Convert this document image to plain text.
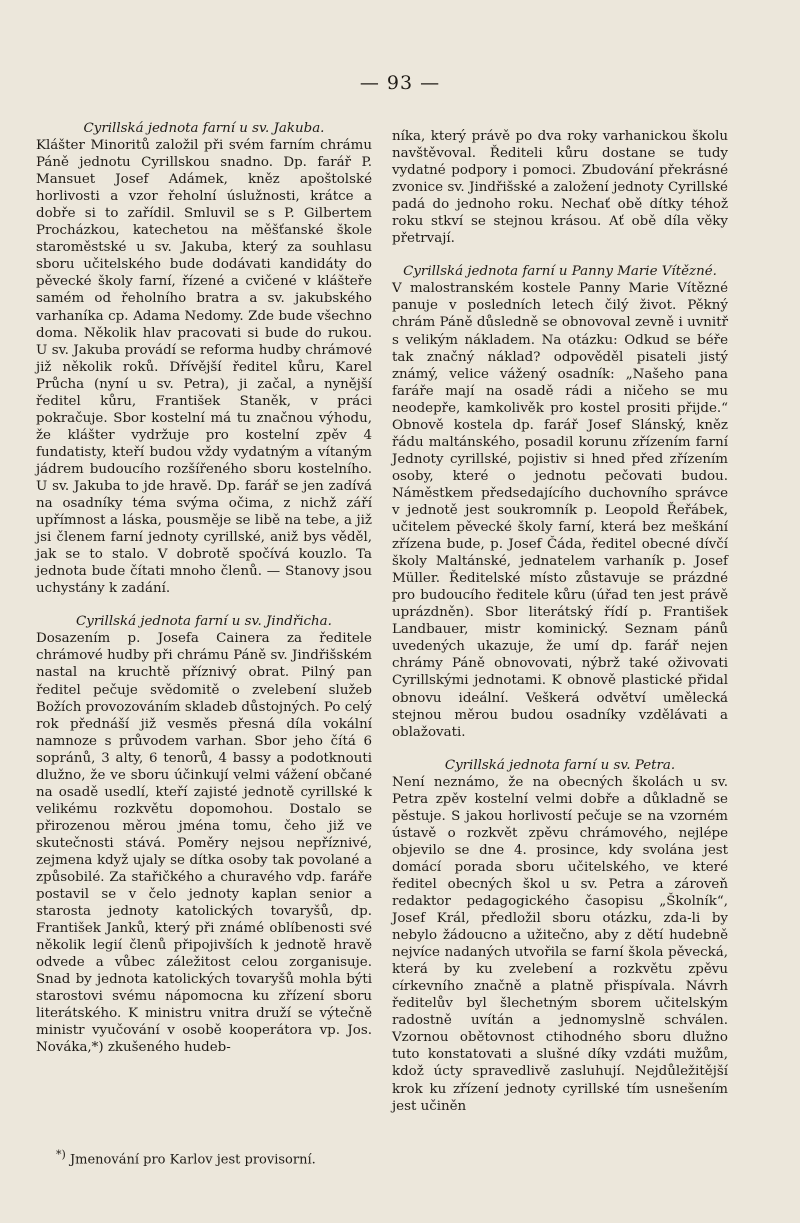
— 93 —

Cyrillská jednota farní u sv. Jakuba.
Klášter Minoritů založil při svém farním chrámu Páně jednotu Cyrillskou snadno. Dp. farář P. Mansuet Josef Adámek, kněz apoštolské horlivosti a vzor řeholní úslužnosti, krátce a dobře si to zařídil. Smluvil se s P. Gilbertem Procházkou, katechetou na měšťanské škole staroměstské u sv. Jakuba, který za souhlasu sboru učitelského bude dodávati kandidáty do pěvecké školy farní, řízené a cvičené v klášteře samém od řeholního bratra a sv. jakubského varhaníka cp. Adama Nedomy. Zde bude všechno doma. Několik hlav pracovati si bude do rukou. U sv. Jakuba provádí se reforma hudby chrámové již několik roků. Dřívější ředitel kůru, Karel Průcha (nyní u sv. Petra), ji začal, a nynější ředitel kůru, František Staněk, v práci pokračuje. Sbor kostelní má tu značnou výhodu, že klášter vydržuje pro kostelní zpěv 4 fundatisty, kteří budou vždy vydatným a vítaným jádrem budoucího rozšířeného sboru kostelního. U sv. Jakuba to jde hravě. Dp. farář se jen zadívá na osadníky téma svýma očima, z nichž září upřímnost a láska, pousměje se libě na tebe, a již jsi členem farní jednoty cyrillské, aniž bys věděl, jak se to stalo. V dobrotě spočívá kouzlo. Ta jednota bude čítati mnoho členů. — Stanovy jsou uchystány k zadání.

Cyrillská jednota farní u sv. Jindřicha.
Dosazením p. Josefa Cainera za ředitele chrámové hudby při chrámu Páně sv. Jindřišském nastal na kruchtě příznivý obrat. Pilný pan ředitel pečuje svědomitě o zvelebení služeb Božích provozováním skladeb důstojných. Po celý rok přednáší již vesměs přesná díla vokální namnoze s průvodem varhan. Sbor jeho čítá 6 sopránů, 3 alty, 6 tenorů, 4 bassy a podotknouti dlužno, že ve sboru účinkují velmi vážení občané na osadě usedlí, kteří zajisté jednotě cyrillské k velikému rozkvětu dopomohou. Dostalo se přirozenou měrou jména tomu, čeho již ve skutečnosti stává. Poměry nejsou nepříznivé, zejmena když ujaly se dítka osoby tak povolané a způsobilé. Za stařičkého a churavého vdp. faráře postavil se v čelo jednoty kaplan senior a starosta jednoty katolických tovaryšů, dp. František Janků, který při známé oblíbenosti své několik legií členů připojivších k jednotě hravě odvede a vůbec záležitost celou zorganisuje. Snad by jednota katolických tovaryšů mohla býti starostovi svému nápomocna ku zřízení sboru literátského. K ministru vnitra druží se výtečně ministr vyučování v osobě kooperátora vp. Jos. Nováka,*) zkušeného hudeb-

níka, který právě po dva roky varhanickou školu navštěvoval. Řediteli kůru dostane se tudy vydatné podpory i pomoci. Zbudování překrásné zvonice sv. Jindřišské a založení jednoty Cyrillské padá do jednoho roku. Nechať obě dítky téhož roku stkví se stejnou krásou. Ať obě díla věky přetrvají.

Cyrillská jednota farní u Panny Marie Vítězné.
V malostranském kostele Panny Marie Vítězné panuje v posledních letech čilý život. Pěkný chrám Páně důsledně se obnovoval zevně i uvnitř s velikým nákladem. Na otázku: Odkud se béře tak značný náklad? odpověděl pisateli jistý známý, velice vážený osadník: „Našeho pana faráře mají na osadě rádi a ničeho se mu neodepře, kamkolivěk pro kostel prositi přijde.“ Obnově kostela dp. farář Josef Slánský, kněz řádu maltánského, posadil korunu zřízením farní Jednoty cyrillské, pojistiv si hned před zřízením osoby, které o jednotu pečovati budou. Náměstkem předsedajícího duchovního správce v jednotě jest soukromník p. Leopold Řeřábek, učitelem pěvecké školy farní, která bez meškání zřízena bude, p. Josef Čáda, ředitel obecné dívčí školy Maltánské, jednatelem varhaník p. Josef Müller. Ředitelské místo zůstavuje se prázdné pro budoucího ředitele kůru (úřad ten jest právě uprázdněn). Sbor literátský řídí p. František Landbauer, mistr kominický. Seznam pánů uvedených ukazuje, že umí dp. farář nejen chrámy Páně obnovovati, nýbrž také oživovati Cyrillskými jednotami. K obnově plastické přidal obnovu ideální. Veškerá odvětví umělecká stejnou měrou budou osadníky vzdělávati a oblažovati.

Cyrillská jednota farní u sv. Petra.
Není neznámo, že na obecných školách u sv. Petra zpěv kostelní velmi dobře a důkladně se pěstuje. S jakou horlivostí pečuje se na vzorném ústavě o rozkvět zpěvu chrámového, nejlépe objevilo se dne 4. prosince, kdy svolána jest domácí porada sboru učitelského, ve které ředitel obecných škol u sv. Petra a zároveň redaktor pedagogického časopisu „Školník“, Josef Král, předložil sboru otázku, zda-li by nebylo žádoucno a užitečno, aby z dětí hudebně nejvíce nadaných utvořila se farní škola pěvecká, která by ku zvelebení a rozkvětu zpěvu církevního značně a platně přispívala. Návrh ředitelův byl šlechetným sborem učitelským radostně uvítán a jednomyslně schválen. Vzornou obětovnost ctihodného sboru dlužno tuto konstatovati a slušné díky vzdáti mužům, kdož úcty spravedlivě zasluhují. Nejdůležitější krok ku zřízení jednoty cyrillské tím usnešením jest učiněn

*) Jmenování pro Karlov jest provisorní.
